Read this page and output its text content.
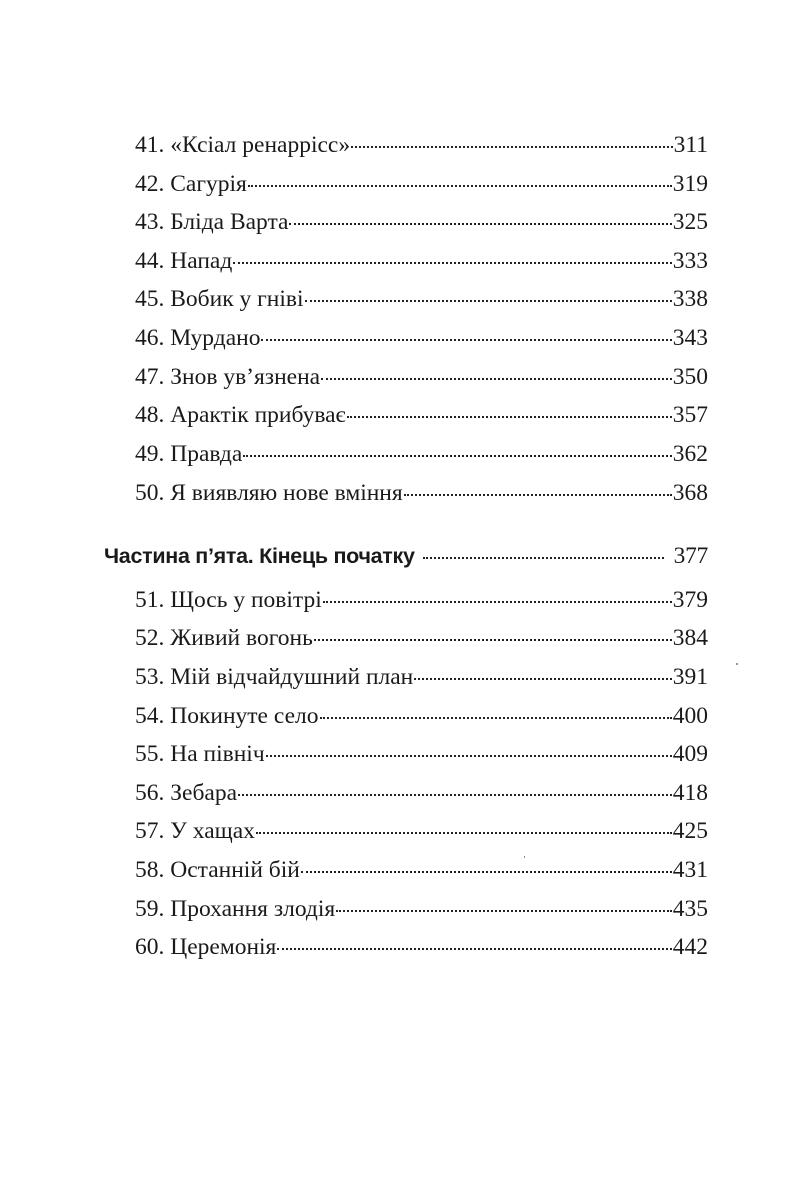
41. «Ксіал ренаррісс»	311
42. Сагурія	319
43. Бліда Варта	325
44. Напад	333
45. Вобик у гніві	338
46. Мурдано	343
47. Знов ув’язнена	350
48. Арактік прибуває	357
49. Правда	362
50. Я виявляю нове вміння	368
Частина п’ята. Кінець початку	377
51. Щось у повітрі	379
52. Живий вогонь	384
53. Мій відчайдушний план	391
54. Покинуте село	400
55. На північ	409
56. Зебара	418
57. У хащах	425
58. Останній бій	431
59. Прохання злодія	435
60. Церемонія	442
